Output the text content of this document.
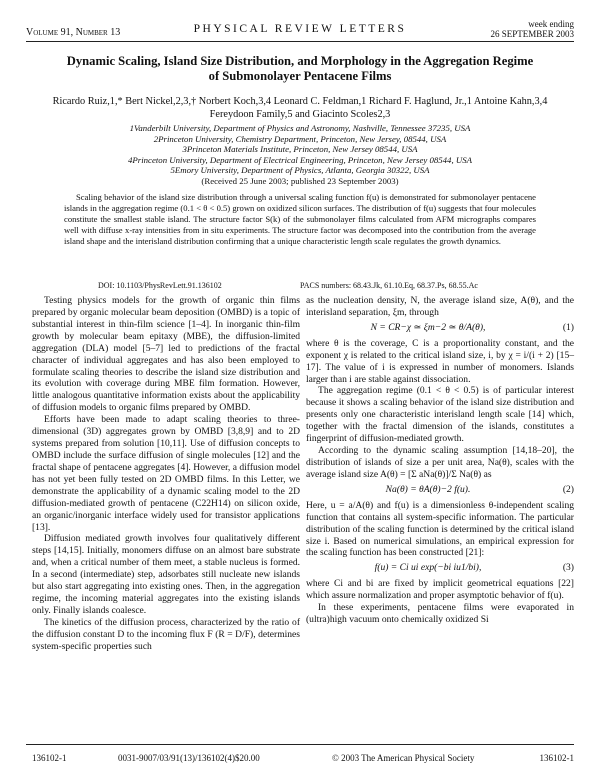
Volume 91, Number 13	PHYSICAL REVIEW LETTERS	week ending
26 SEPTEMBER 2003
Dynamic Scaling, Island Size Distribution, and Morphology in the Aggregation Regime
of Submonolayer Pentacene Films
Ricardo Ruiz,1,* Bert Nickel,2,3,† Norbert Koch,3,4 Leonard C. Feldman,1 Richard F. Haglund, Jr.,1 Antoine Kahn,3,4
Fereydoon Family,5 and Giacinto Scoles2,3
1Vanderbilt University, Department of Physics and Astronomy, Nashville, Tennessee 37235, USA
2Princeton University, Chemistry Department, Princeton, New Jersey, 08544, USA
3Princeton Materials Institute, Princeton, New Jersey 08544, USA
4Princeton University, Department of Electrical Engineering, Princeton, New Jersey 08544, USA
5Emory University, Department of Physics, Atlanta, Georgia 30322, USA
(Received 25 June 2003; published 23 September 2003)
Scaling behavior of the island size distribution through a universal scaling function f(u) is demonstrated for submonolayer pentacene islands in the aggregation regime (0.1 < θ < 0.5) grown on oxidized silicon surfaces. The distribution of f(u) suggests that four molecules constitute the smallest stable island. The structure factor S(k) of the submonolayer films calculated from AFM micrographs compares well with diffuse x-ray intensities from in situ experiments. The structure factor was decomposed into the contribution from the average island shape and the interisland distribution confirming that a unique characteristic length scale regulates the growth dynamics.
DOI: 10.1103/PhysRevLett.91.136102	PACS numbers: 68.43.Jk, 61.10.Eq, 68.37.Ps, 68.55.Ac

Testing physics models for the growth of organic thin films prepared by organic molecular beam deposition (OMBD) is a topic of substantial interest in thin-film science [1–4]. In inorganic thin-film growth by molecular beam epitaxy (MBE), the diffusion-limited aggregation (DLA) model [5–7] led to predictions of the fractal character of individual aggregates and has also been employed to formulate scaling theories to describe the island size distribution and its evolution with coverage during MBE film formation. However, little analogous quantitative information exists about the applicability of diffusion models to organic films prepared by OMBD.

Efforts have been made to adapt scaling theories to three-dimensional (3D) aggregates grown by OMBD [3,8,9] and to 2D systems prepared from solution [10,11]. Use of diffusion concepts to OMBD include the surface diffusion of single molecules [12] and the fractal shape of pentacene aggregates [4]. However, a diffusion model has not yet been fully tested on 2D OMBD films. In this Letter, we demonstrate the applicability of a dynamic scaling model to the 2D diffusion-mediated growth of pentacene (C22H14) on silicon oxide, an organic/inorganic interface widely used for transistor applications [13].

Diffusion mediated growth involves four qualitatively different steps [14,15]. Initially, monomers diffuse on an almost bare substrate and, when a critical number of them meet, a stable nucleus is formed. In a second (intermediate) step, adsorbates still nucleate new islands but also start aggregating into existing ones. Then, in the aggregation regime, the incoming material aggregates into the existing islands only. Finally islands coalesce.

The kinetics of the diffusion process, characterized by the ratio of the diffusion constant D to the incoming flux F (R = D/F), determines system-specific properties such

as the nucleation density, N, the average island size, A(θ), and the interisland separation, ξm, through

N = CR−χ ≃ ξm−2 ≃ θ/A(θ),	(1)

where θ is the coverage, C is a proportionality constant, and the exponent χ is related to the critical island size, i, by χ = i/(i + 2) [15–17]. The value of i is expressed in number of monomers. Islands larger than i are stable against dissociation.

The aggregation regime (0.1 < θ < 0.5) is of particular interest because it shows a scaling behavior of the island size distribution and presents only one characteristic interisland length scale [14] which, together with the fractal dimension of the islands, constitutes a fingerprint of diffusion-mediated growth.

According to the dynamic scaling assumption [14,18–20], the distribution of islands of size a per unit area, Na(θ), scales with the average island size A(θ) = [Σ aNa(θ)]/Σ Na(θ) as

Na(θ) = θA(θ)−2 f(u).	(2)

Here, u = a/A(θ) and f(u) is a dimensionless θ-independent scaling function that contains all system-specific information. The particular distribution of the scaling function is determined by the critical island size i. Based on numerical simulations, an empirical expression for the scaling function has been constructed [21]:

f(u) = Ci ui exp(−bi iu1/bi),	(3)

where Ci and bi are fixed by implicit geometrical equations [22] which assure normalization and proper asymptotic behavior of f(u).

In these experiments, pentacene films were evaporated in (ultra)high vacuum onto chemically oxidized Si

136102-1	0031-9007/03/91(13)/136102(4)$20.00	© 2003 The American Physical Society	136102-1
